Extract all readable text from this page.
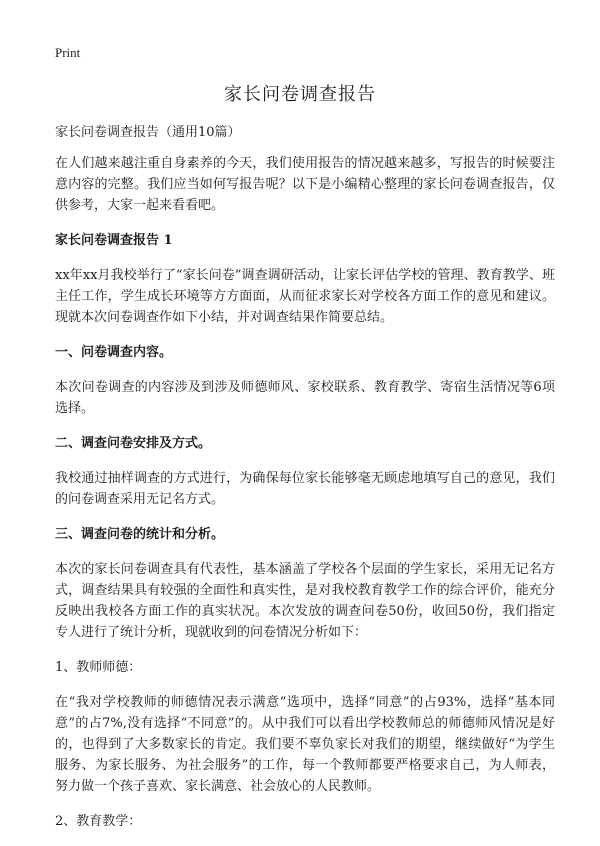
Print
家长问卷调查报告

家长问卷调查报告（通用10篇）

在人们越来越注重自身素养的今天，我们使用报告的情况越来越多，写报告的时候要注意内容的完整。我们应当如何写报告呢？以下是小编精心整理的家长问卷调查报告，仅供参考，大家一起来看看吧。

家长问卷调查报告 1

xx年xx月我校举行了“家长问卷”调查调研活动，让家长评估学校的管理、教育教学、班主任工作，学生成长环境等方方面面，从而征求家长对学校各方面工作的意见和建议。现就本次问卷调查作如下小结，并对调查结果作简要总结。

一、问卷调查内容。

本次问卷调查的内容涉及到涉及师德师风、家校联系、教育教学、寄宿生活情况等6项选择。

二、调查问卷安排及方式。

我校通过抽样调查的方式进行，为确保每位家长能够毫无顾虑地填写自己的意见，我们的问卷调查采用无记名方式。

三、调查问卷的统计和分析。

本次的家长问卷调查具有代表性，基本涵盖了学校各个层面的学生家长，采用无记名方式，调查结果具有较强的全面性和真实性，是对我校教育教学工作的综合评价，能充分反映出我校各方面工作的真实状况。本次发放的调查问卷50份，收回50份，我们指定专人进行了统计分析，现就收到的问卷情况分析如下：

1、教师师德：

在“我对学校教师的师德情况表示满意”选项中，选择“同意”的占93%，选择“基本同意”的占7%,没有选择“不同意”的。从中我们可以看出学校教师总的师德师风情况是好的，也得到了大多数家长的肯定。我们要不辜负家长对我们的期望，继续做好“为学生服务、为家长服务、为社会服务”的工作，每一个教师都要严格要求自己，为人师表，努力做一个孩子喜欢、家长满意、社会放心的人民教师。

2、教育教学：
